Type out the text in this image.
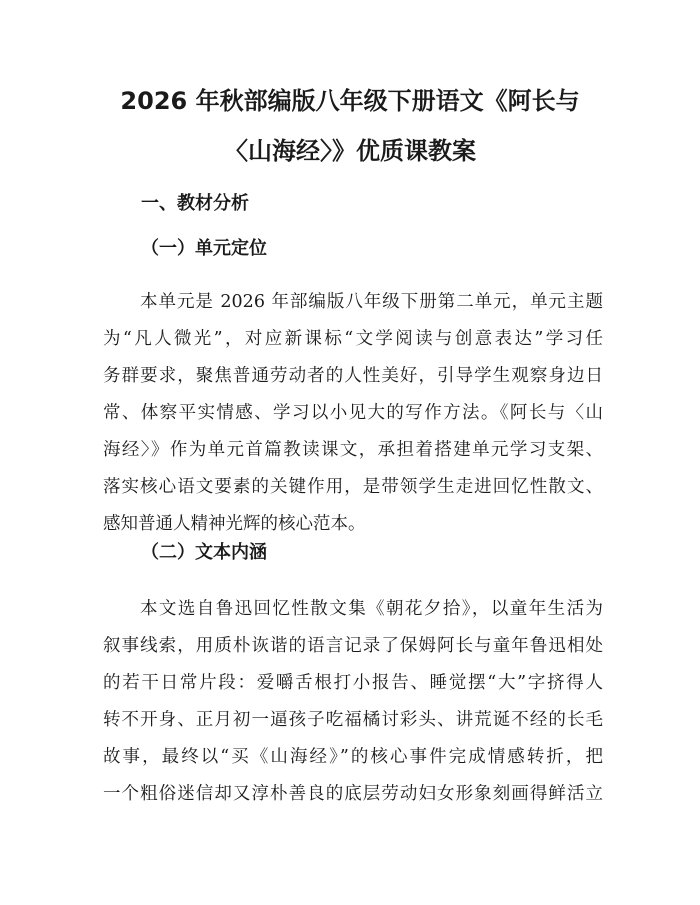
2026 年秋部编版八年级下册语文《阿长与
〈山海经〉》优质课教案
一、教材分析
（一）单元定位
本单元是 2026 年部编版八年级下册第二单元，单元主题
为“凡人微光”，对应新课标“文学阅读与创意表达”学习任
务群要求，聚焦普通劳动者的人性美好，引导学生观察身边日
常、体察平实情感、学习以小见大的写作方法。《阿长与〈山
海经〉》作为单元首篇教读课文，承担着搭建单元学习支架、
落实核心语文要素的关键作用，是带领学生走进回忆性散文、
感知普通人精神光辉的核心范本。
（二）文本内涵
本文选自鲁迅回忆性散文集《朝花夕拾》，以童年生活为
叙事线索，用质朴诙谐的语言记录了保姆阿长与童年鲁迅相处
的若干日常片段：爱嚼舌根打小报告、睡觉摆“大”字挤得人
转不开身、正月初一逼孩子吃福橘讨彩头、讲荒诞不经的长毛
故事，最终以“买《山海经》”的核心事件完成情感转折，把
一个粗俗迷信却又淳朴善良的底层劳动妇女形象刻画得鲜活立
